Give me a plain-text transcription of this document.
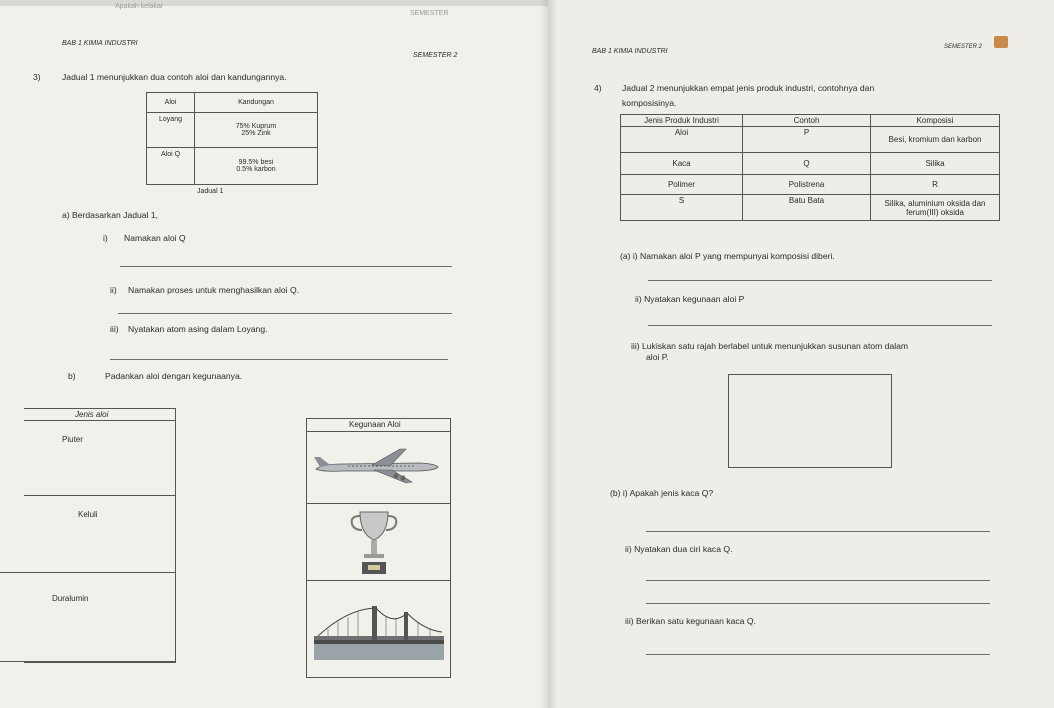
Apakah kelakar
SEMESTER
BAB 1 KIMIA INDUSTRI
SEMESTER 2
BAB 1 KIMIA INDUSTRI
SEMESTER 2
3) Jadual 1 menunjukkan dua contoh aloi dan kandungannya.
Aloi	Kandungan
Loyang	75% Kuprum
25% Zink

Aloi Q	99.5% besi
0.5% karbon
Jadual 1
a) Berdasarkan Jadual 1,
i) Namakan aloi Q
ii) Namakan proses untuk menghasilkan aloi Q.
iii) Nyatakan atom asing dalam Loyang.
b)	Padankan aloi dengan kegunaanya.
Jenis aloi
Piuter
Keluli
Duralumin
Kegunaan Aloi
4) Jadual 2 menunjukkan empat jenis produk industri, contohnya dan
komposisinya.
Jenis Produk Industri	Contoh	Komposisi
Aloi	P	Besi, kromium dan karbon
Kaca	Q	Silika
Polimer	Polistrena	R
S	Batu Bata	Silika, aluminium oksida dan ferum(III) oksida
(a) i) Namakan aloi P yang mempunyai komposisi diberi.
ii) Nyatakan kegunaan aloi P
iii) Lukiskan satu rajah berlabel untuk menunjukkan susunan atom dalam
aloi P.
(b) i) Apakah jenis kaca Q?
ii) Nyatakan dua ciri kaca Q.
iii) Berikan satu kegunaan kaca Q.
